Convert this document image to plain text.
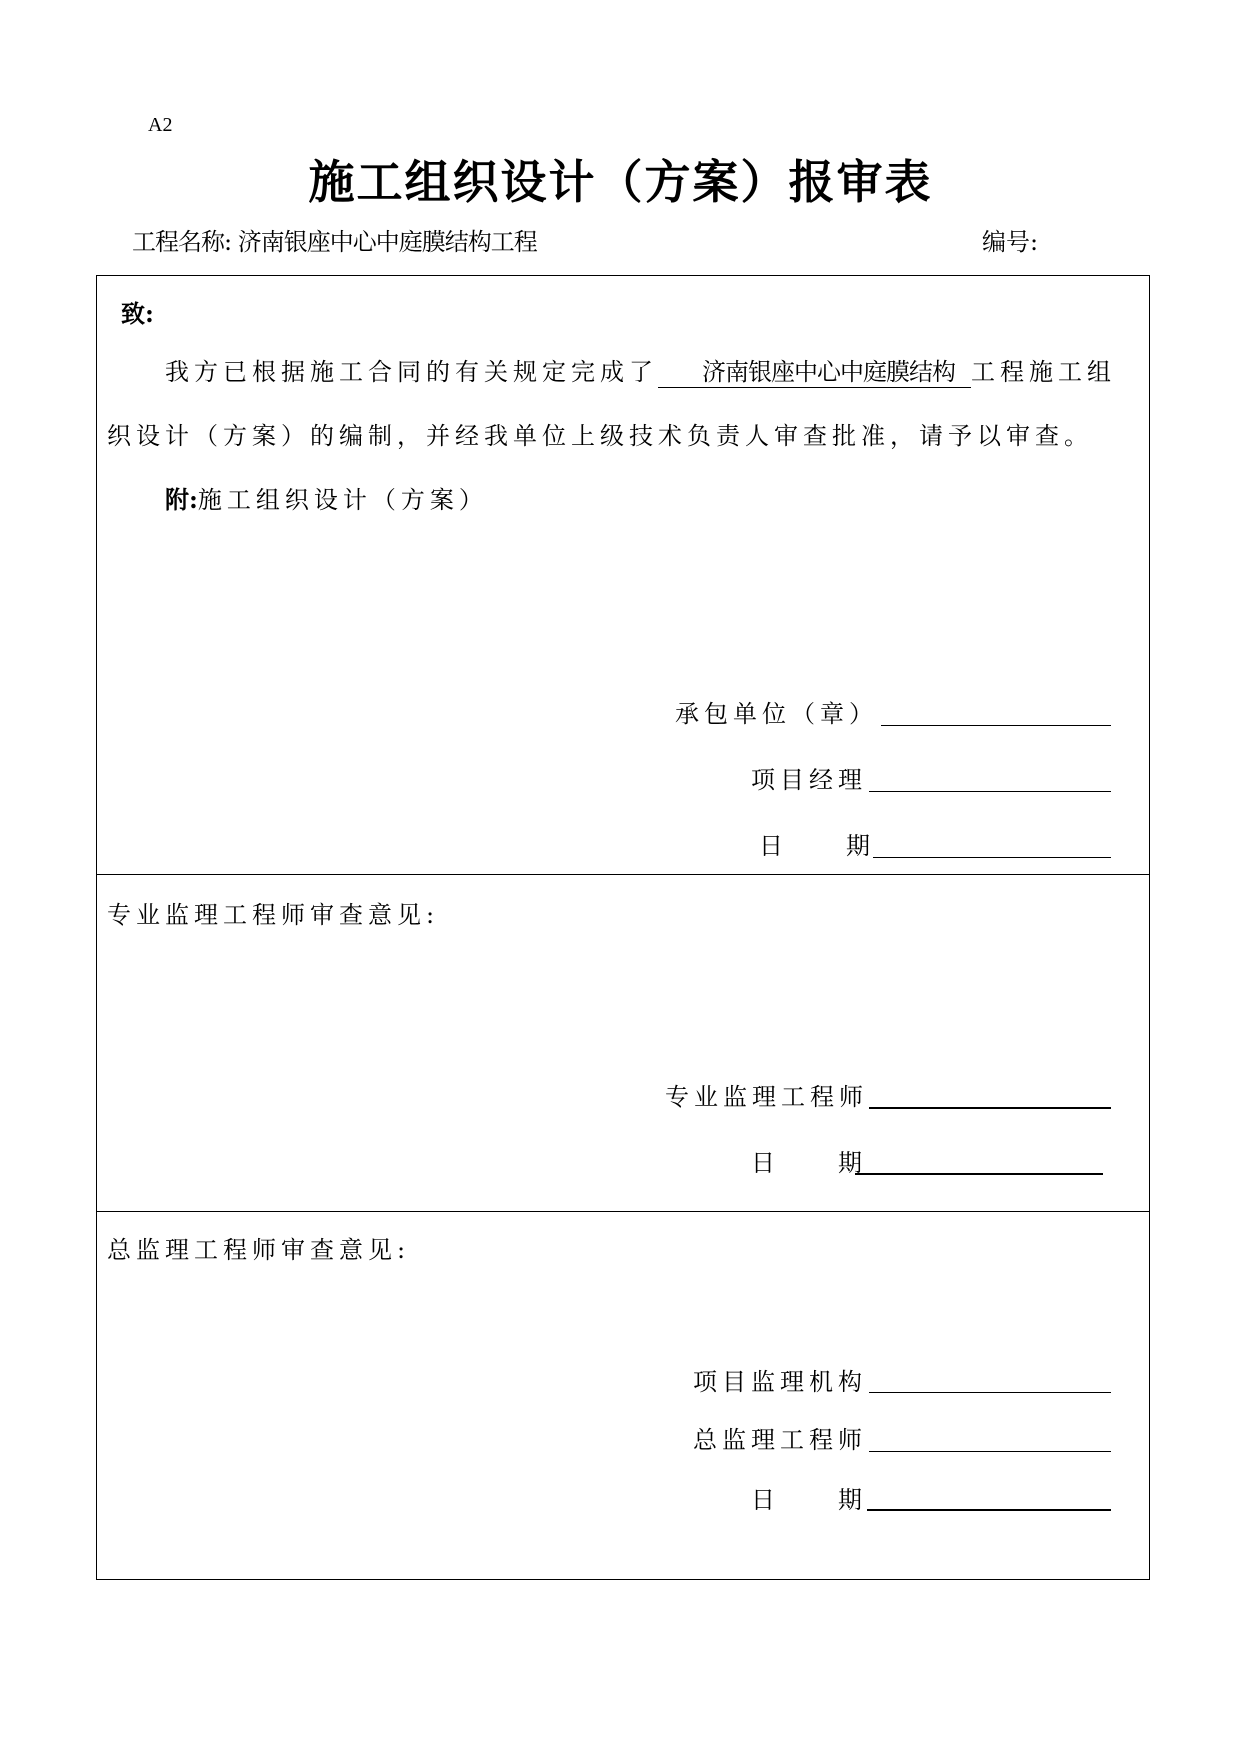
A2
施工组织设计（方案）报审表
工程名称: 济南银座中心中庭膜结构工程	编号:
致:
我方已根据施工合同的有关规定完成了 济南银座中心中庭膜结构 工程施工组
织设计（方案）的编制，并经我单位上级技术负责人审查批准，请予以审查。
附:施工组织设计（方案）
承包单位（章）
项目经理
日　　期
专业监理工程师审查意见:
专业监理工程师
日　　期
总监理工程师审查意见:
项目监理机构
总监理工程师
日　　期
